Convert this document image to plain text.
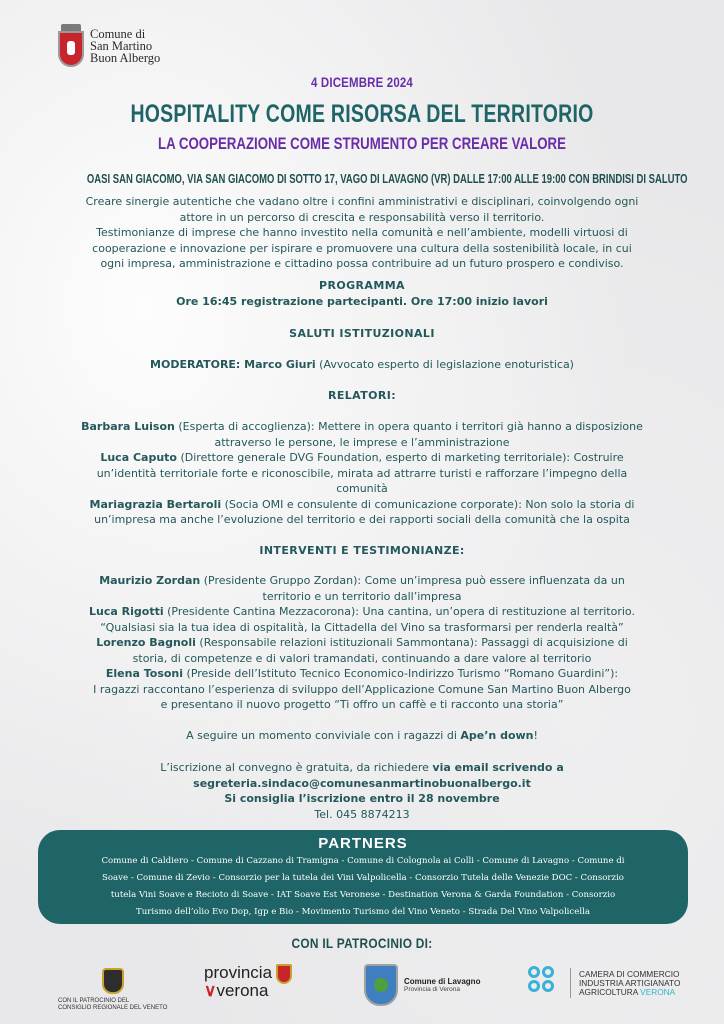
Comune di
San Martino
Buon Albergo
4 DICEMBRE 2024
HOSPITALITY COME RISORSA DEL TERRITORIO
LA COOPERAZIONE COME STRUMENTO PER CREARE VALORE
OASI SAN GIACOMO, VIA SAN GIACOMO DI SOTTO 17, VAGO DI LAVAGNO (VR) DALLE 17:00 ALLE 19:00 CON BRINDISI DI SALUTO
Creare sinergie autentiche che vadano oltre i confini amministrativi e disciplinari, coinvolgendo ogni
attore in un percorso di crescita e responsabilità verso il territorio.
Testimonianze di imprese che hanno investito nella comunità e nell’ambiente, modelli virtuosi di
cooperazione e innovazione per ispirare e promuovere una cultura della sostenibilità locale, in cui
ogni impresa, amministrazione e cittadino possa contribuire ad un futuro prospero e condiviso.
PROGRAMMA
Ore 16:45 registrazione partecipanti. Ore 17:00 inizio lavori
SALUTI ISTITUZIONALI
MODERATORE: Marco Giuri (Avvocato esperto di legislazione enoturistica)
RELATORI:
Barbara Luison (Esperta di accoglienza): Mettere in opera quanto i territori già hanno a disposizione
attraverso le persone, le imprese e l’amministrazione
Luca Caputo (Direttore generale DVG Foundation, esperto di marketing territoriale): Costruire
un’identità territoriale forte e riconoscibile, mirata ad attrarre turisti e rafforzare l’impegno della
comunità
Mariagrazia Bertaroli (Socia OMI e consulente di comunicazione corporate): Non solo la storia di
un’impresa ma anche l’evoluzione del territorio e dei rapporti sociali della comunità che la ospita
INTERVENTI E TESTIMONIANZE:
Maurizio Zordan (Presidente Gruppo Zordan): Come un’impresa può essere influenzata da un
territorio e un territorio dall’impresa
Luca Rigotti (Presidente Cantina Mezzacorona): Una cantina, un’opera di restituzione al territorio.
“Qualsiasi sia la tua idea di ospitalità, la Cittadella del Vino sa trasformarsi per renderla realtà”
Lorenzo Bagnoli (Responsabile relazioni istituzionali Sammontana): Passaggi di acquisizione di
storia, di competenze e di valori tramandati, continuando a dare valore al territorio
Elena Tosoni (Preside dell’Istituto Tecnico Economico-Indirizzo Turismo “Romano Guardini”):
I ragazzi raccontano l’esperienza di sviluppo dell’Applicazione Comune San Martino Buon Albergo
e presentano il nuovo progetto “Ti offro un caffè e ti racconto una storia”
A seguire un momento conviviale con i ragazzi di Ape’n down!
L’iscrizione al convegno è gratuita, da richiedere via email scrivendo a
segreteria.sindaco@comunesanmartinobuonalbergo.it
Si consiglia l’iscrizione entro il 28 novembre
Tel. 045 8874213
PARTNERS
Comune di Caldiero - Comune di Cazzano di Tramigna - Comune di Colognola ai Colli - Comune di Lavagno - Comune di
Soave - Comune di Zevio - Consorzio per la tutela dei Vini Valpolicella - Consorzio Tutela delle Venezie DOC - Consorzio
tutela Vini Soave e Recioto di Soave - IAT Soave Est Veronese - Destination Verona & Garda Foundation - Consorzio
Turismo dell’olio Evo Dop, Igp e Bio - Movimento Turismo del Vino Veneto - Strada Del Vino Valpolicella
CON IL PATROCINIO DI:
CON IL PATROCINIO DEL
CONSIGLIO REGIONALE DEL VENETO
provincia
∨verona	Comune di Lavagno
Provincia di Verona
CAMERA DI COMMERCIO
INDUSTRIA ARTIGIANATO
AGRICOLTURA VERONA
